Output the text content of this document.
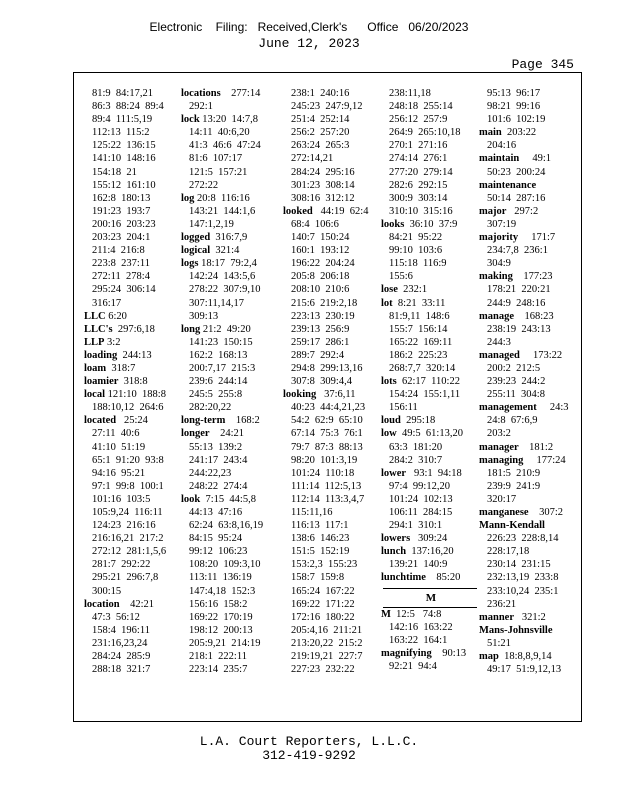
Electronic    Filing:   Received,Clerk's      Office   06/20/2023
June 12, 2023
Page 345
81:9  84:17,21
86:3  88:24  89:4
89:4  111:5,19
112:13  115:2
125:22  136:15
141:10  148:16
154:18  21
155:12  161:10
162:8  180:13
191:23  193:7
200:16  203:23
203:23  204:1
211:4  216:8
223:8  237:11
272:11  278:4
295:24  306:14
316:17
LLC 6:20
LLC's  297:6,18
LLP 3:2
loading  244:13
loam  318:7
loamier  318:8
local 121:10  188:8
188:10,12  264:6
located   25:24
27:11  40:6
41:10  51:19
65:1  91:20  93:8
94:16  95:21
97:1  99:8  100:1
101:16  103:5
105:9,24  116:11
124:23  216:16
216:16,21  217:2
272:12  281:1,5,6
281:7  292:22
295:21  296:7,8
300:15
location    42:21
47:3  56:12
158:4  196:11
231:16,23,24
284:24  285:9
288:18  321:7
locations    277:14
292:1
lock 13:20  14:7,8
14:11  40:6,20
41:3  46:6  47:24
81:6  107:17
121:5  157:21
272:22
log 20:8  116:16
143:21  144:1,6
147:1,2,19
logged  316:7,9
logical  321:4
logs 18:17  79:2,4
142:24  143:5,6
278:22  307:9,10
307:11,14,17
309:13
long 21:2  49:20
141:23  150:15
162:2  168:13
200:7,17  215:3
239:6  244:14
245:5  255:8
282:20,22
long-term    168:2
longer    24:21
55:13  139:2
241:17  243:4
244:22,23
248:22  274:4
look  7:15  44:5,8
44:13  47:16
62:24  63:8,16,19
84:15  95:24
99:12  106:23
108:20  109:3,10
113:11  136:19
147:4,18  152:3
156:16  158:2
169:22  170:19
198:12  200:13
205:9,21  214:19
218:1  222:11
223:14  235:7
238:1  240:16
245:23  247:9,12
251:4  252:14
256:2  257:20
263:24  265:3
272:14,21
284:24  295:16
301:23  308:14
308:16  312:12
looked   44:19  62:4
68:4  106:6
140:7  150:24
160:1  193:12
196:22  204:24
205:8  206:18
208:10  210:6
215:6  219:2,18
223:13  230:19
239:13  256:9
259:17  286:1
289:7  292:4
294:8  299:13,16
307:8  309:4,4
looking   37:6,11
40:23  44:4,21,23
54:2  62:9  65:10
67:14  75:3  76:1
79:7  87:3  88:13
98:20  101:3,19
101:24  110:18
111:14  112:5,13
112:14  113:3,4,7
115:11,16
116:13  117:1
138:6  146:23
151:5  152:19
153:2,3  155:23
158:7  159:8
165:24  167:22
169:22  171:22
172:16  180:22
205:4,16  211:21
213:20,22  215:2
219:19,21  227:7
227:23  232:22
238:11,18
248:18  255:14
256:12  257:9
264:9  265:10,18
270:1  271:16
274:14  276:1
277:20  279:14
282:6  292:15
300:9  303:14
310:10  315:16
looks  36:10  37:9
84:21  95:22
99:10  103:6
115:18  116:9
155:6
lose  232:1
lot  8:21  33:11
81:9,11  148:6
155:7  156:14
165:22  169:11
186:2  225:23
268:7,7  320:14
lots  62:17  110:22
154:24  155:1,11
156:11
loud  295:18
low  49:5  61:13,20
63:3  181:20
284:2  310:7
lower   93:1  94:18
97:4  99:12,20
101:24  102:13
106:11  284:15
294:1  310:1
lowers   309:24
lunch  137:16,20
139:21  140:9
lunchtime    85:20
M
M  12:5   74:8
142:16  163:22
163:22  164:1
magnifying    90:13
92:21  94:4
95:13  96:17
98:21  99:16
101:6  102:19
main  203:22
204:16
maintain     49:1
50:23  200:24
maintenance
50:14  287:16
major   297:2
307:19
majority     171:7
234:7,8  236:1
304:9
making    177:23
178:21  220:21
244:9  248:16
manage    168:23
238:19  243:13
244:3
managed     173:22
200:2  212:5
239:23  244:2
255:11  304:8
management     24:3
24:8  67:6,9
203:2
manager    181:2
managing     177:24
181:5  210:9
239:9  241:9
320:17
manganese    307:2
Mann-Kendall
226:23  228:8,14
228:17,18
230:14  231:15
232:13,19  233:8
233:10,24  235:1
236:21
manner   321:2
Mans-Johnsville
51:21
map  18:8,8,9,14
49:17  51:9,12,13
L.A. Court Reporters, L.L.C.
312-419-9292
